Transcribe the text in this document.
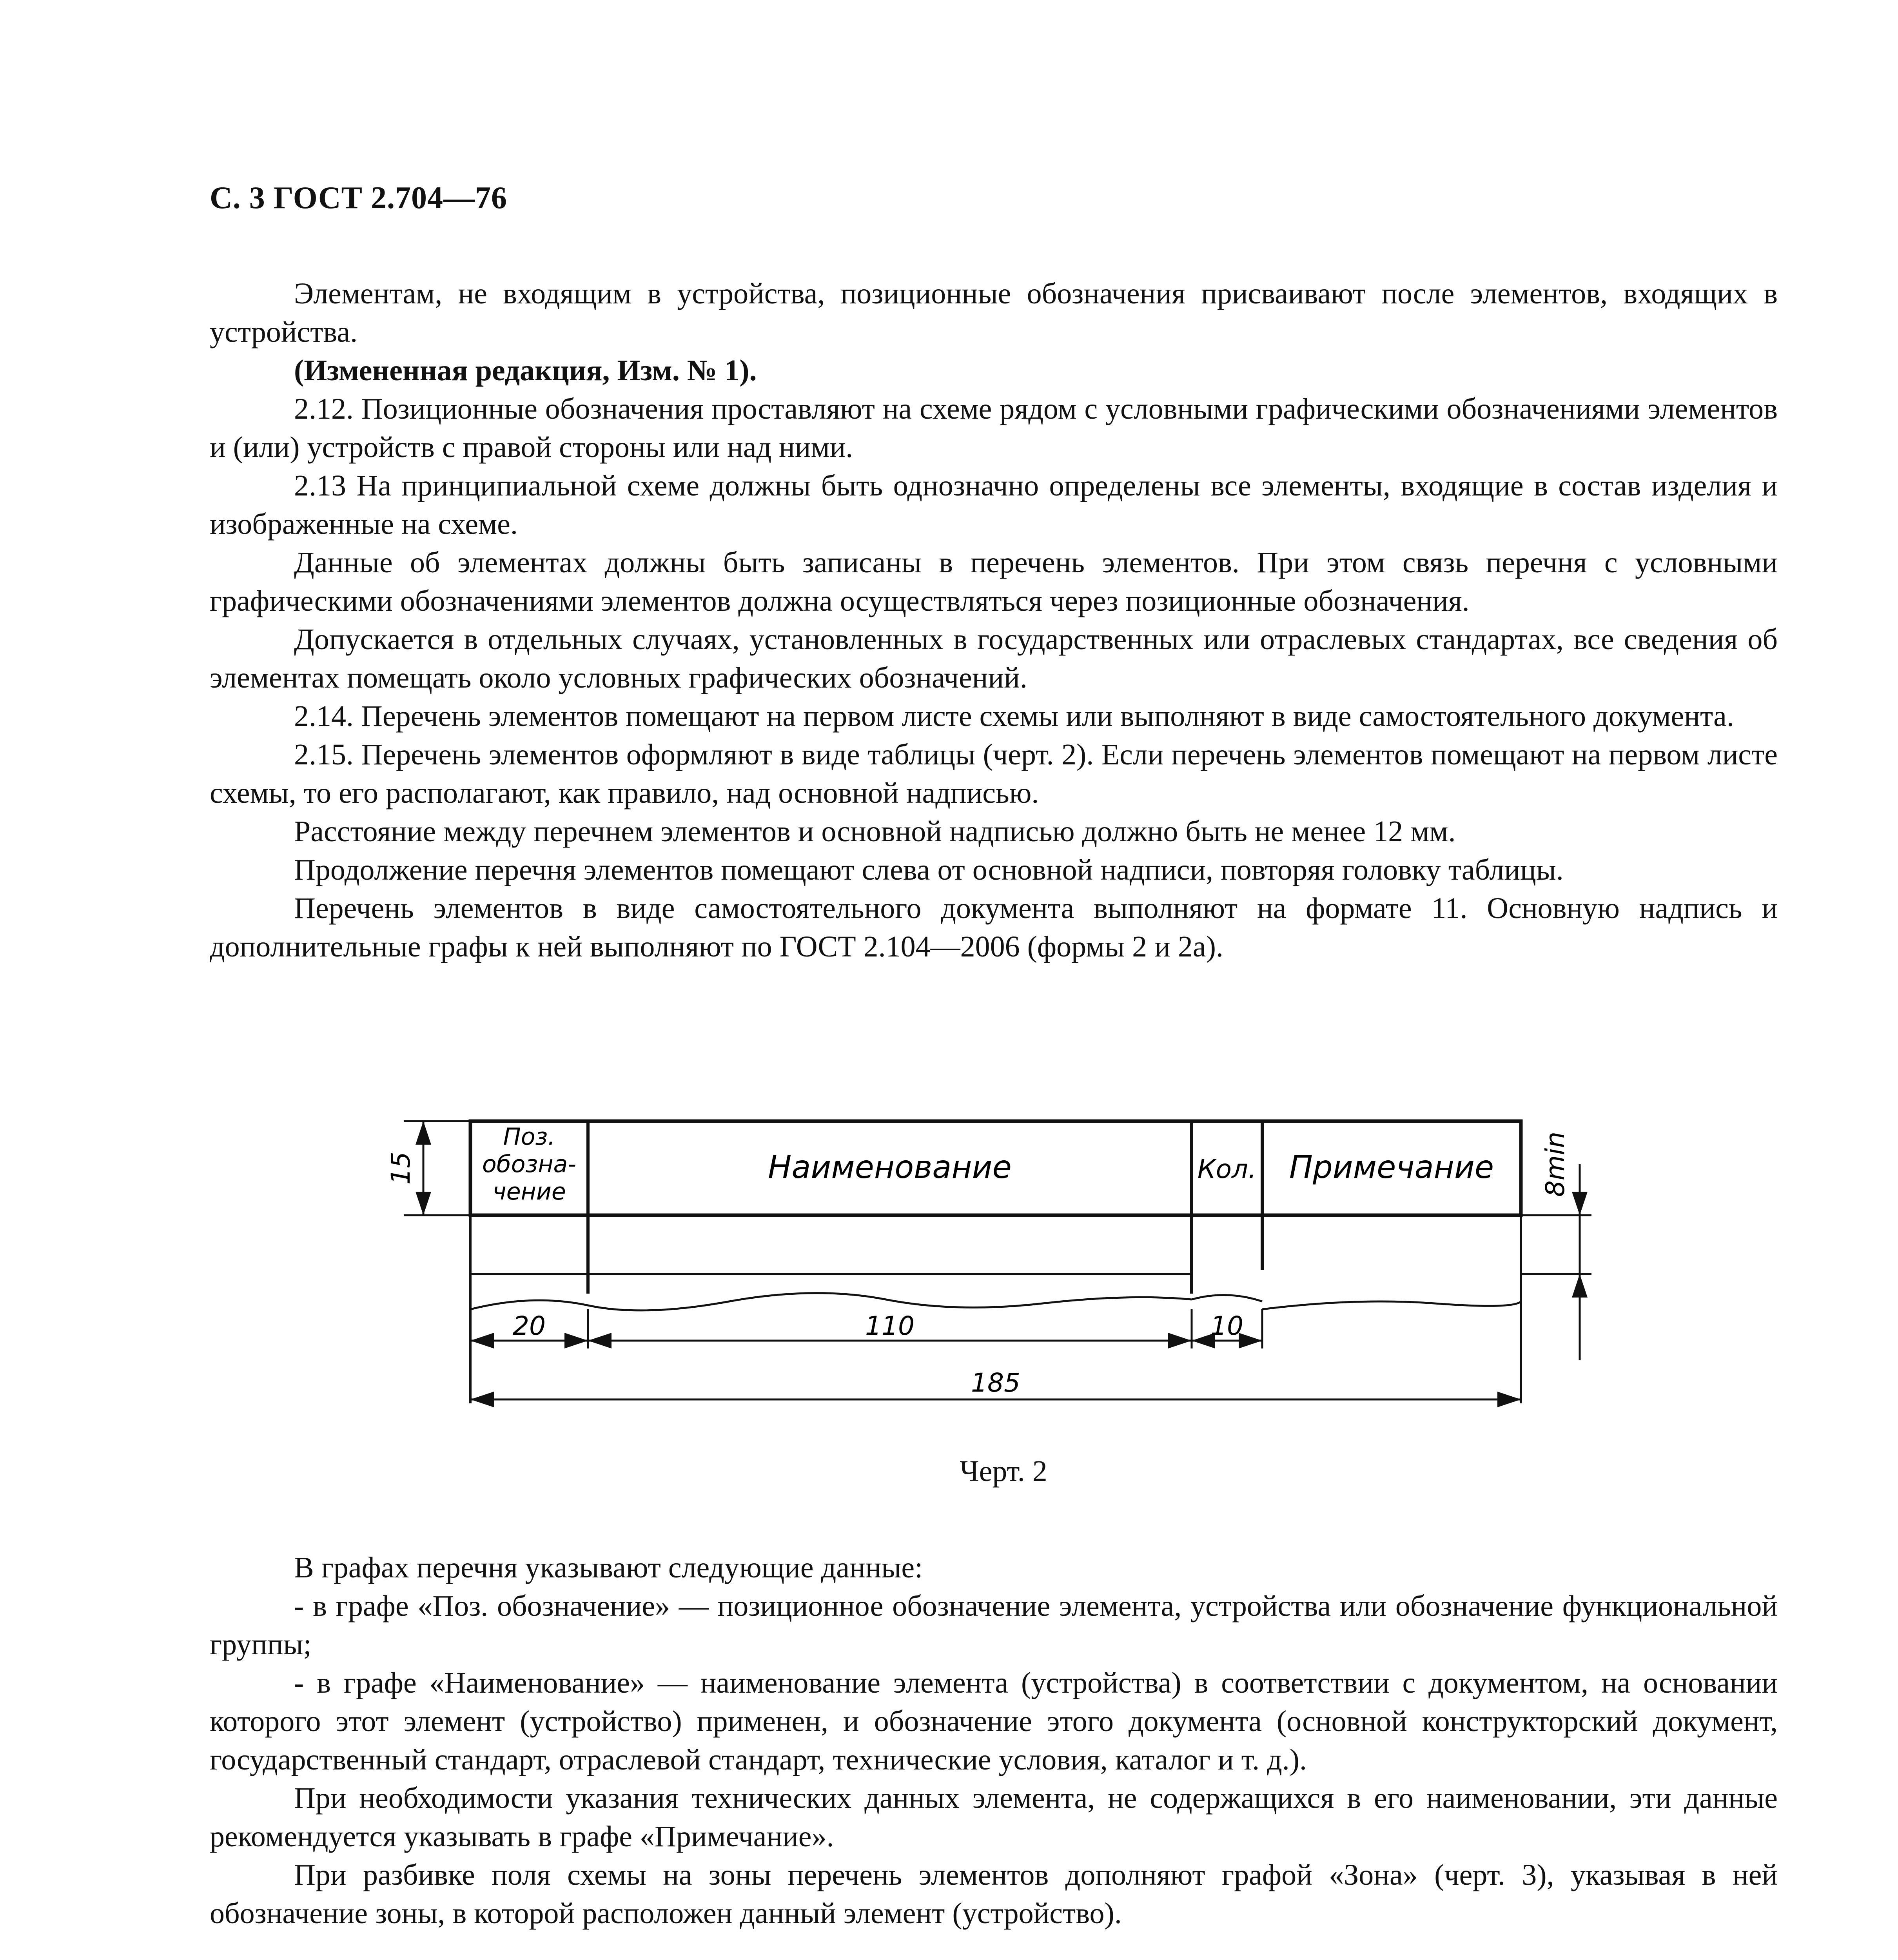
С. 3 ГОСТ 2.704—76

Элементам, не входящим в устройства, позиционные обозначения присваивают после элементов, входящих в устройства.

(Измененная редакция, Изм. № 1).

2.12. Позиционные обозначения проставляют на схеме рядом с условными графическими обозначениями элементов и (или) устройств с правой стороны или над ними.

2.13 На принципиальной схеме должны быть однозначно определены все элементы, входящие в состав изделия и изображенные на схеме.

Данные об элементах должны быть записаны в перечень элементов. При этом связь перечня с условными графическими обозначениями элементов должна осуществляться через позиционные обозначения.

Допускается в отдельных случаях, установленных в государственных или отраслевых стандартах, все сведения об элементах помещать около условных графических обозначений.

2.14. Перечень элементов помещают на первом листе схемы или выполняют в виде самостоятельного документа.

2.15. Перечень элементов оформляют в виде таблицы (черт. 2). Если перечень элементов помещают на первом листе схемы, то его располагают, как правило, над основной надписью.

Расстояние между перечнем элементов и основной надписью должно быть не менее 12 мм.

Продолжение перечня элементов помещают слева от основной надписи, повторяя головку таблицы.

Перечень элементов в виде самостоятельного документа выполняют на формате 11. Основную надпись и дополнительные графы к ней выполняют по ГОСТ 2.104—2006 (формы 2 и 2а).

Поз.
обозна-
чение
Наименование	Кол. Примечание
15	8min
20	110	10
185
Черт. 2

В графах перечня указывают следующие данные:

- в графе «Поз. обозначение» — позиционное обозначение элемента, устройства или обозначение функциональной группы;

- в графе «Наименование» — наименование элемента (устройства) в соответствии с документом, на основании которого этот элемент (устройство) применен, и обозначение этого документа (основной конструкторский документ, государственный стандарт, отраслевой стандарт, технические условия, каталог и т. д.).

При необходимости указания технических данных элемента, не содержащихся в его наименовании, эти данные рекомендуется указывать в графе «Примечание».

При разбивке поля схемы на зоны перечень элементов дополняют графой «Зона» (черт. 3), указывая в ней обозначение зоны, в которой расположен данный элемент (устройство).
